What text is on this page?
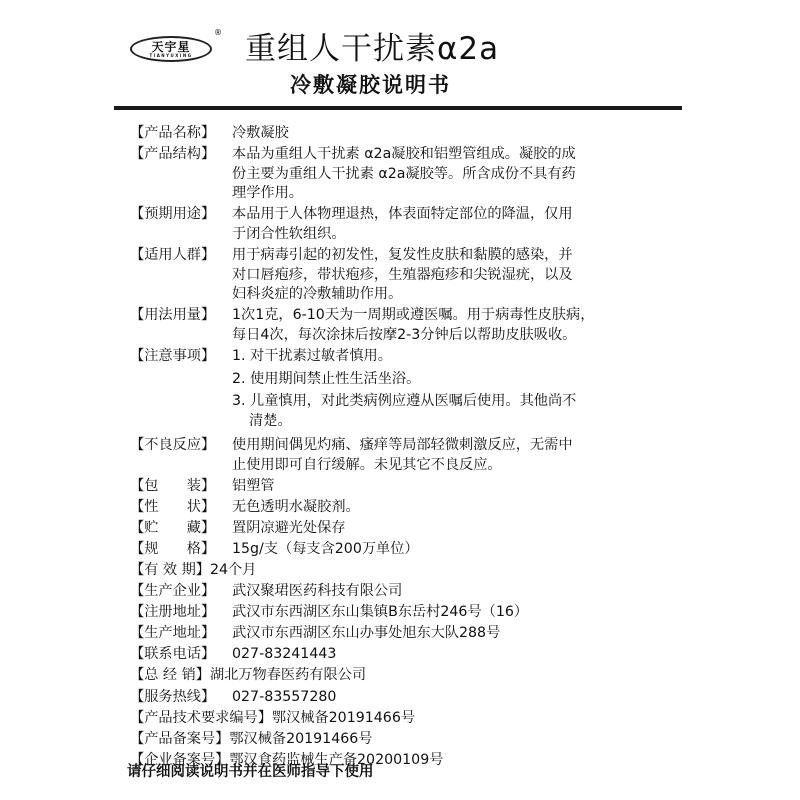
天宇星
TIANYUXING
® 重组人干扰素α2a
冷敷凝胶说明书
【产品名称】	冷敷凝胶
【产品结构】	本品为重组人干扰素 α2a凝胶和铝塑管组成。凝胶的成
份主要为重组人干扰素 α2a凝胶等。所含成份不具有药
理学作用。
【预期用途】	本品用于人体物理退热，体表面特定部位的降温，仅用
于闭合性软组织。
【适用人群】	用于病毒引起的初发性，复发性皮肤和黏膜的感染，并
对口唇疱疹，带状疱疹，生殖器疱疹和尖锐湿疣，以及
妇科炎症的冷敷辅助作用。
【用法用量】	1次1克，6-10天为一周期或遵医嘱。用于病毒性皮肤病，
每日4次，每次涂抹后按摩2-3分钟后以帮助皮肤吸收。
【注意事项】	1. 对干扰素过敏者慎用。
2. 使用期间禁止性生活坐浴。
3. 儿童慎用，对此类病例应遵从医嘱后使用。其他尚不
清楚。
【不良反应】	使用期间偶见灼痛、瘙痒等局部轻微刺激反应，无需中
止使用即可自行缓解。未见其它不良反应。
【包　　装】	铝塑管
【性　　状】	无色透明水凝胶剂。
【贮　　藏】	置阴凉避光处保存
【规　　格】	15g/支（每支含200万单位）
【有 效 期】 24个月
【生产企业】	武汉聚珺医药科技有限公司
【注册地址】	武汉市东西湖区东山集镇B东岳村246号（16）
【生产地址】	武汉市东西湖区东山办事处旭东大队288号
【联系电话】	027-83241443
【总 经 销】 湖北万物春医药有限公司
【服务热线】	027-83557280
【产品技术要求编号】 鄂汉械备20191466号
【产品备案号】 鄂汉械备20191466号
【企业备案号】 鄂汉食药监械生产备20200109号
请仔细阅读说明书并在医师指导下使用
